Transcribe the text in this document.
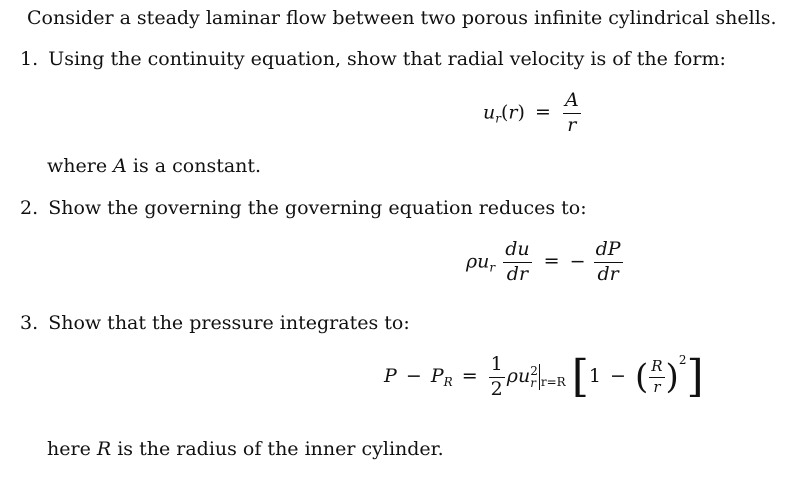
Consider a steady laminar flow between two porous infinite cylindrical shells.
1. Using the continuity equation, show that radial velocity is of the form:
$u_r(r) = \frac{A}{r}$
where A is a constant.
2. Show the governing the governing equation reduces to:
$\rho u_r \frac{du}{dr}$ = − $\frac{dP}{dr}$
3. Show that the pressure integrates to:
$P - P_R = \frac{1}{2}$ ρu 2
r $_{r=R}$ [1 − ( $\frac{R}{r} )^2$]
here R is the radius of the inner cylinder.
